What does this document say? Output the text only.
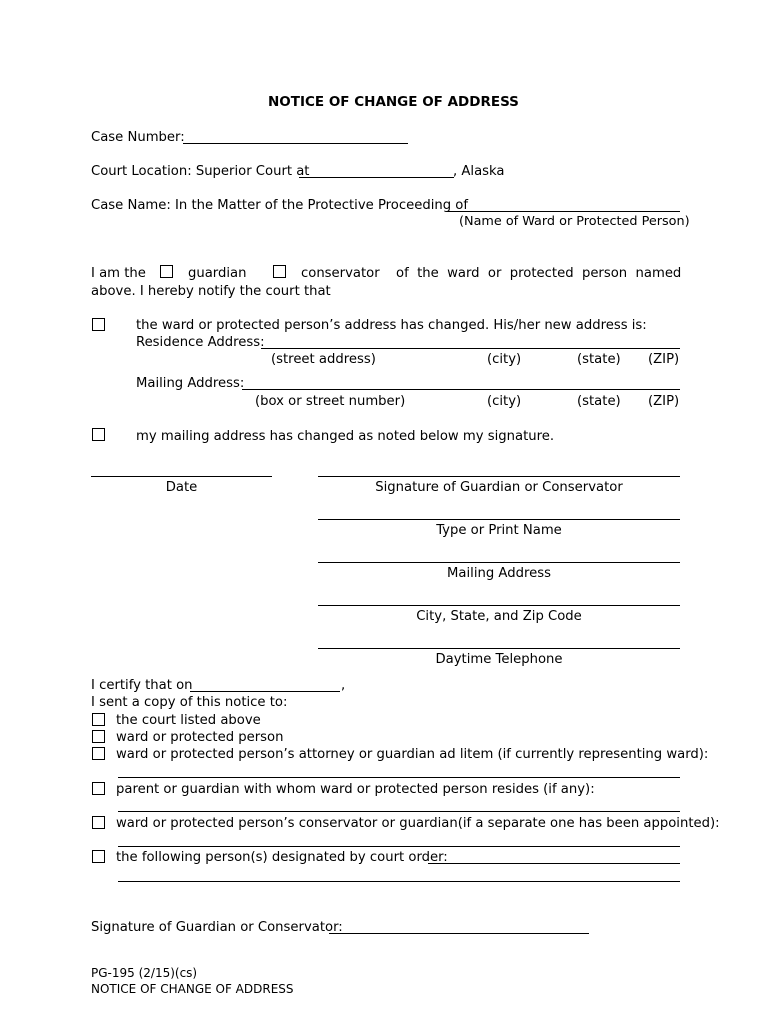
NOTICE OF CHANGE OF ADDRESS
Case Number:
Court Location: Superior Court at	, Alaska
Case Name: In the Matter of the Protective Proceeding of
(Name of Ward or Protected Person)
I am the	guardian	conservator of  the  ward  or  protected  person  named
above. I hereby notify the court that
the ward or protected person’s address has changed. His/her new address is:
Residence Address:
(street address)	(city)	(state) (ZIP)
Mailing Address:
(box or street number)	(city)	(state) (ZIP)
my mailing address has changed as noted below my signature.
Date	Signature of Guardian or Conservator
Type or Print Name
Mailing Address
City, State, and Zip Code
Daytime Telephone
I certify that on	,
I sent a copy of this notice to:
the court listed above
ward or protected person
ward or protected person’s attorney or guardian ad litem (if currently representing ward):
parent or guardian with whom ward or protected person resides (if any):
ward or protected person’s conservator or guardian(if a separate one has been appointed):
the following person(s) designated by court order:
Signature of Guardian or Conservator:
PG-195 (2/15)(cs)
NOTICE OF CHANGE OF ADDRESS
